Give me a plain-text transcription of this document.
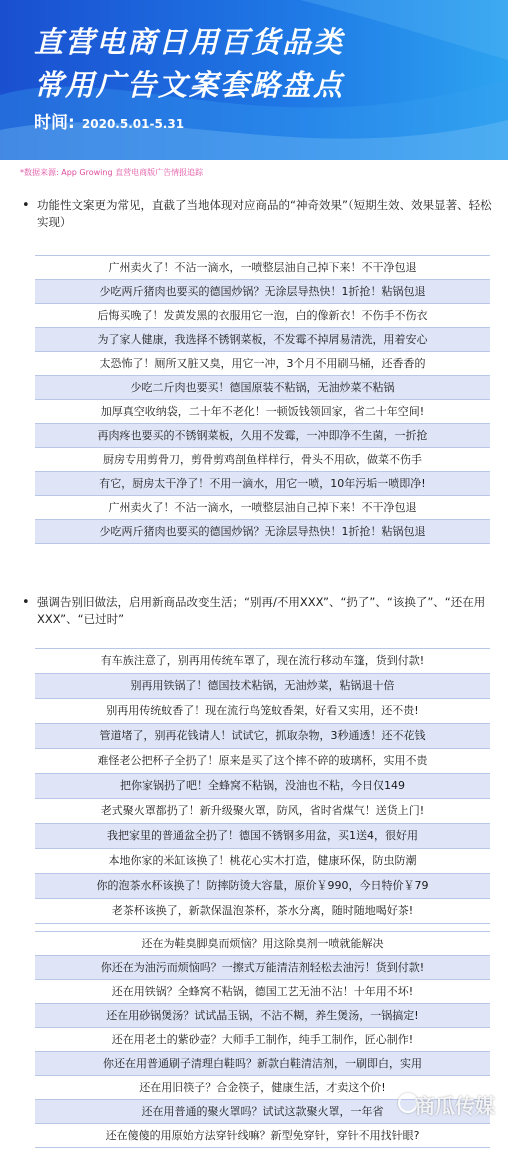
直营电商日用百货品类
常用广告文案套路盘点
时间: 2020.5.01-5.31
*数据来源: App Growing 直营电商版广告情报追踪
• 功能性文案更为常见，直截了当地体现对应商品的“神奇效果”（短期生效、效果显著、轻松实现）
广州卖火了！不沾一滴水，一喷整层油自己掉下来！不干净包退
少吃两斤猪肉也要买的德国炒锅？无涂层导热快！1折抢！粘锅包退
后悔买晚了！发黄发黑的衣服用它一泡，白的像新衣！不伤手不伤衣
为了家人健康，我选择不锈钢菜板，不发霉不掉屑易清洗，用着安心
太恐怖了！厕所又脏又臭，用它一冲，3个月不用刷马桶，还香香的
少吃二斤肉也要买！德国原装不粘锅，无油炒菜不粘锅
加厚真空收纳袋，二十年不老化！一顿饭钱领回家，省二十年空间!
再肉疼也要买的不锈钢菜板，久用不发霉，一冲即净不生菌，一折抢
厨房专用剪骨刀，剪骨剪鸡剖鱼样样行，骨头不用砍，做菜不伤手
有它，厨房太干净了！不用一滴水，用它一喷，10年污垢一喷即净!
广州卖火了！不沾一滴水，一喷整层油自己掉下来！不干净包退
少吃两斤猪肉也要买的德国炒锅？无涂层导热快！1折抢！粘锅包退
• 强调告别旧做法，启用新商品改变生活；“别再/不用XXX”、“扔了”、“该换了”、“还在用XXX”、“已过时”
有车族注意了，别再用传统车罩了，现在流行移动车篷，货到付款!
别再用铁锅了！德国技术粘锅，无油炒菜，粘锅退十倍
别再用传统蚊香了！现在流行鸟笼蚊香架，好看又实用，还不贵!
管道堵了，别再花钱请人！试试它，抓取杂物，3秒通透！还不花钱
难怪老公把杯子全扔了！原来是买了这个摔不碎的玻璃杯，实用不贵
把你家锅扔了吧！全蜂窝不粘锅，没油也不粘，今日仅149
老式聚火罩都扔了！新升级聚火罩，防风，省时省煤气！送货上门!
我把家里的普通盆全扔了！德国不锈钢多用盆，买1送4，很好用
本地你家的米缸该换了！桃花心实木打造，健康环保，防虫防潮
你的泡茶水杯该换了！防摔防烫大容量，原价￥990，今日特价￥79
老茶杯该换了，新款保温泡茶杯，茶水分离，随时随地喝好茶!
还在为鞋臭脚臭而烦恼？用这除臭剂一喷就能解决
你还在为油污而烦恼吗？一擦式万能清洁剂轻松去油污！货到付款!
还在用铁锅？全蜂窝不粘锅，德国工艺无油不沾！十年用不坏!
还在用砂锅煲汤？试试晶玉锅，不沾不糊，养生煲汤，一锅搞定!
还在用老土的紫砂壶？大师手工制作，纯手工制作，匠心制作!
你还在用普通刷子清理白鞋吗？新款白鞋清洁剂，一刷即白，实用
还在用旧筷子？合金筷子，健康生活，才卖这个价!
还在用普通的聚火罩吗？试试这款聚火罩，一年省
还在傻傻的用原始方法穿针线嘛？新型免穿针，穿针不用找针眼?
商瓜传媒
